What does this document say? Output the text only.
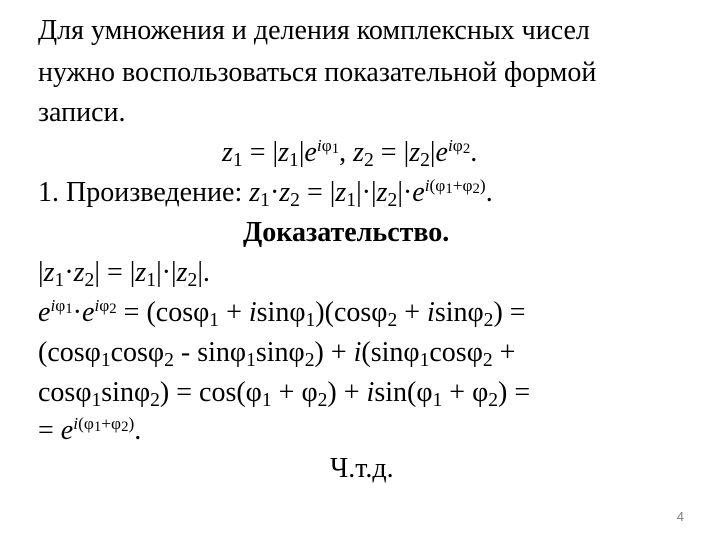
Для умножения и деления комплексных чисел
нужно воспользоваться показательной формой
записи.
$z_1 = |z_1|e^{i\varphi_1}$, $z_2 = |z_2|e^{i\varphi_2}$.
1. Произведение: $z_1\cdot z_2 = |z_1|\cdot|z_2|\cdot e^{i(\varphi_1+\varphi_2)}$.
Доказательство.
$|z_1\cdot z_2| = |z_1|\cdot|z_2|$.
$e^{i\varphi_1}\cdot e^{i\varphi_2} = (\cos\varphi_1 + isin\varphi_1)(\cos\varphi_2 + isin\varphi_2)$ =
(cosφ$_1$cosφ$_2$ - sinφ$_1$sinφ$_2$) + i(sinφ$_1$cosφ$_2$ +
$\cos\varphi_1\sin\varphi_2) = \cos(\varphi_1 + \varphi_2) + isin(\varphi_1 + \varphi_2)$ =
= $e^{i(\varphi_1+\varphi_2)}$.
Ч.т.д.
4
